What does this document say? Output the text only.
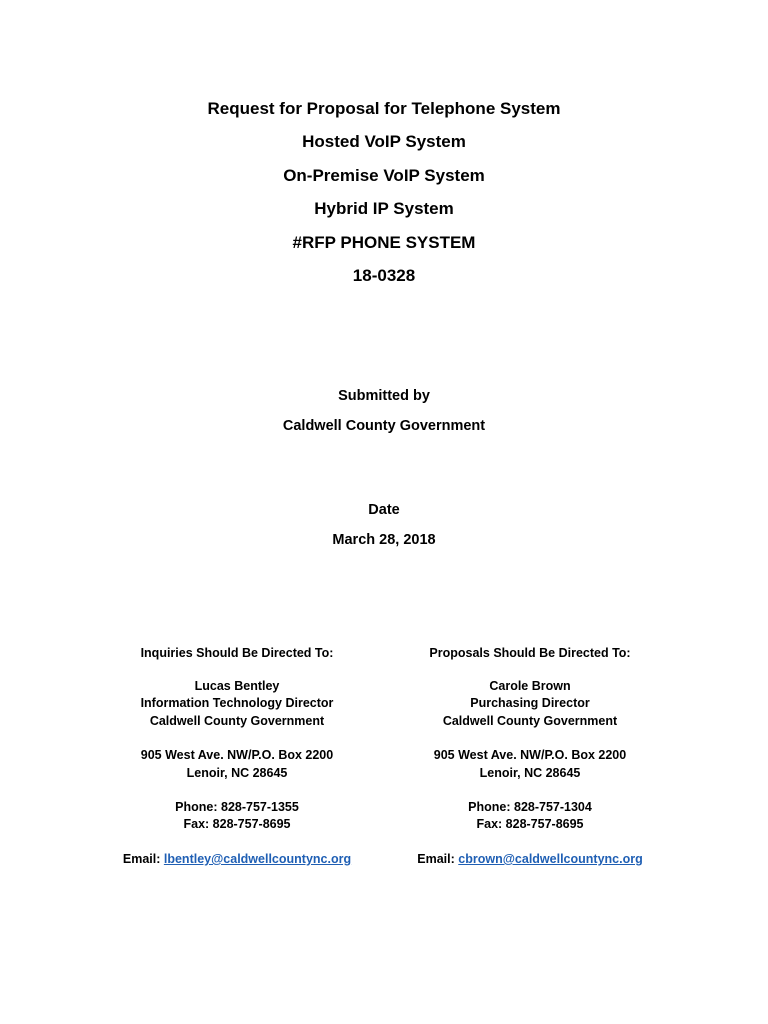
Request for Proposal for Telephone System
Hosted VoIP System
On-Premise VoIP System
Hybrid IP System
#RFP PHONE SYSTEM
18-0328
Submitted by
Caldwell County Government
Date
March 28, 2018
Inquiries Should Be Directed To:
Lucas Bentley
Information Technology Director
Caldwell County Government
905 West Ave. NW/P.O. Box 2200
Lenoir, NC 28645
Phone: 828-757-1355
Fax: 828-757-8695
Email: lbentley@caldwellcountync.org
Proposals Should Be Directed To:
Carole Brown
Purchasing Director
Caldwell County Government
905 West Ave. NW/P.O. Box 2200
Lenoir, NC 28645
Phone: 828-757-1304
Fax: 828-757-8695
Email: cbrown@caldwellcountync.org
